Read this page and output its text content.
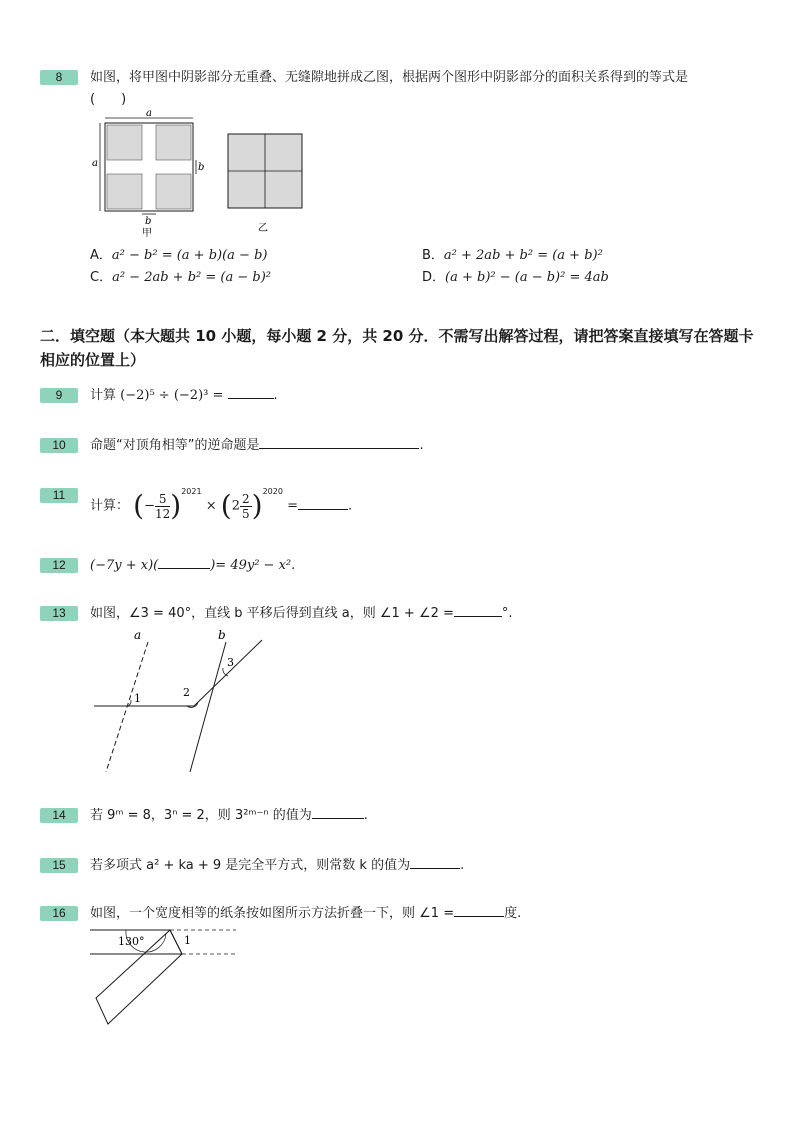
8	如图，将甲图中阴影部分无重叠、无缝隙地拼成乙图，根据两个图形中阴影部分的面积关系得到的等式是
(　　)
a
a	b
b
甲	乙
A．a² − b² = (a + b)(a − b)	B．a² + 2ab + b² = (a + b)²
C．a² − 2ab + b² = (a − b)²	D．(a + b)² − (a − b)² = 4ab
二．填空题（本大题共 10 小题，每小题 2 分，共 20 分．不需写出解答过程，请把答案直接填写在答题卡相应的位置上）
9	计算 (−2)⁵ ÷ (−2)³ =	.
10	命题“对顶角相等”的逆命题是	.
11
计算： (− $\frac{5}{12} )^{2021} \times (2 \frac{2}{5} )^{2020}$ =	.
12	(−7y + x)(	)= 49y² − x².
13	如图，∠3 = 40°，直线 b 平移后得到直线 a，则 ∠1 + ∠2 =	°.
a	b
1	2
3
14	若 9ᵐ = 8，3ⁿ = 2，则 3²ᵐ⁻ⁿ 的值为	.
15	若多项式 a² + ka + 9 是完全平方式，则常数 k 的值为	.
16	如图，一个宽度相等的纸条按如图所示方法折叠一下，则 ∠1 =	度.
130°	1
